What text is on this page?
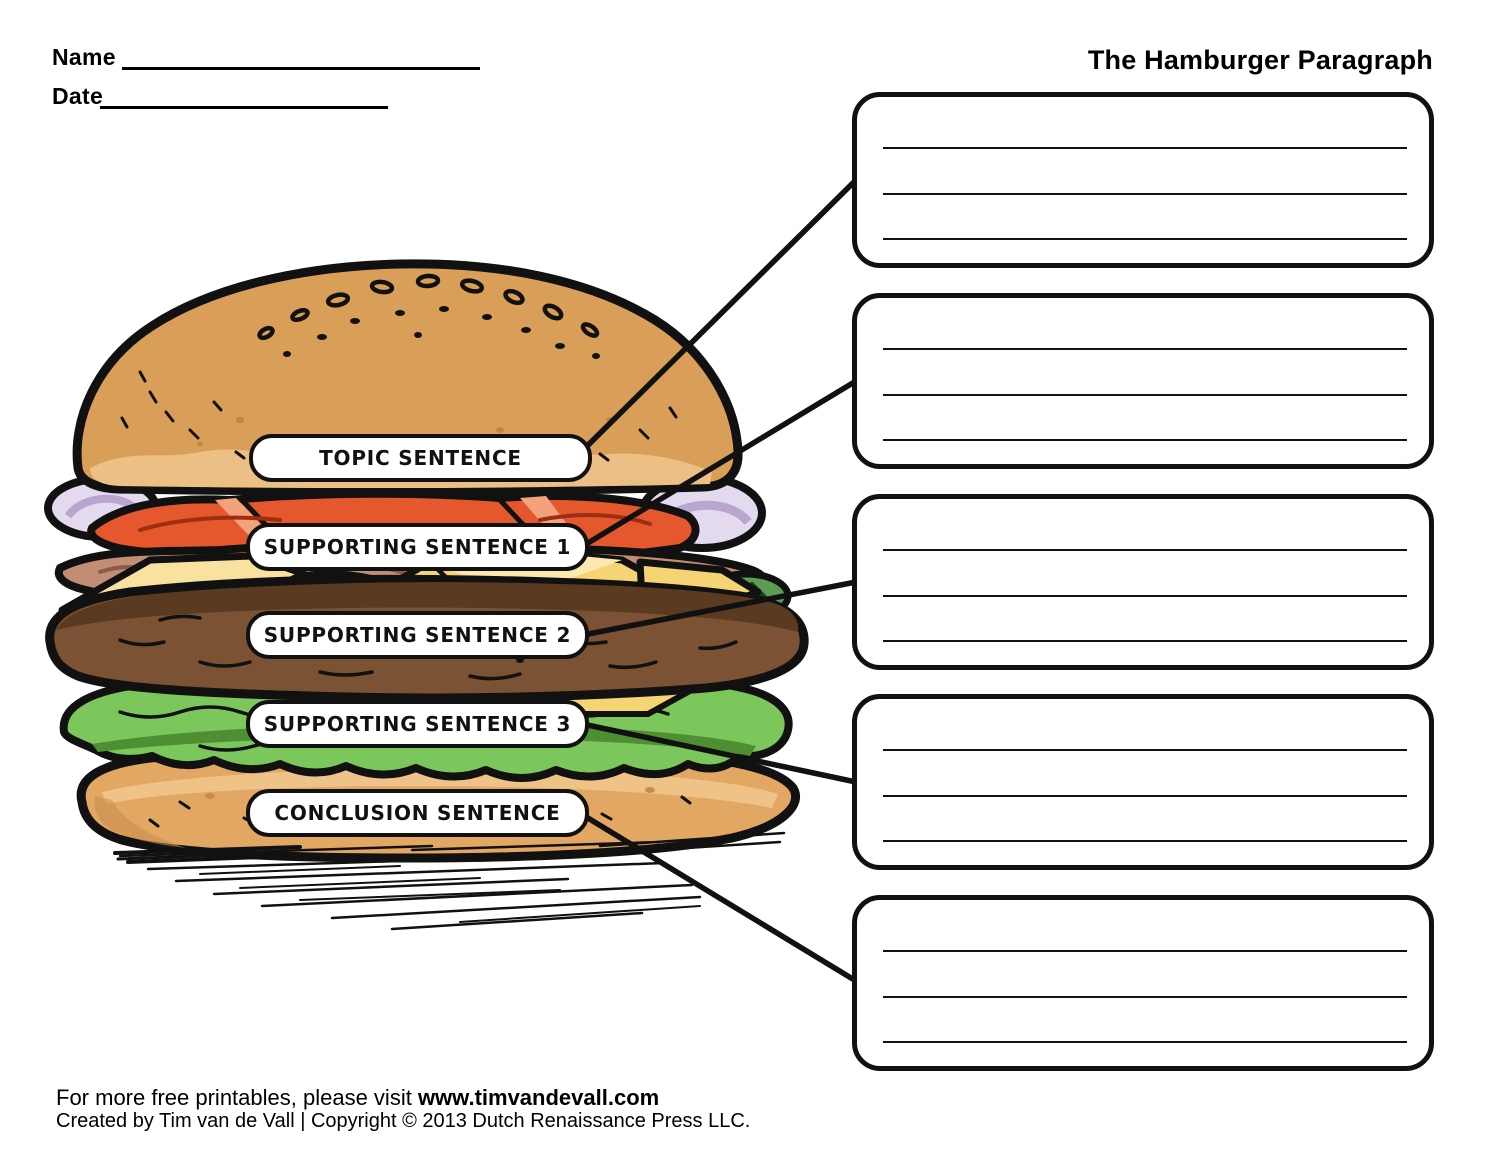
Name
Date
The Hamburger Paragraph
TOPIC SENTENCE
SUPPORTING SENTENCE 1
SUPPORTING SENTENCE 2
SUPPORTING SENTENCE 3
CONCLUSION SENTENCE
For more free printables, please visit www.timvandevall.com
Created by Tim van de Vall | Copyright © 2013 Dutch Renaissance Press LLC.
